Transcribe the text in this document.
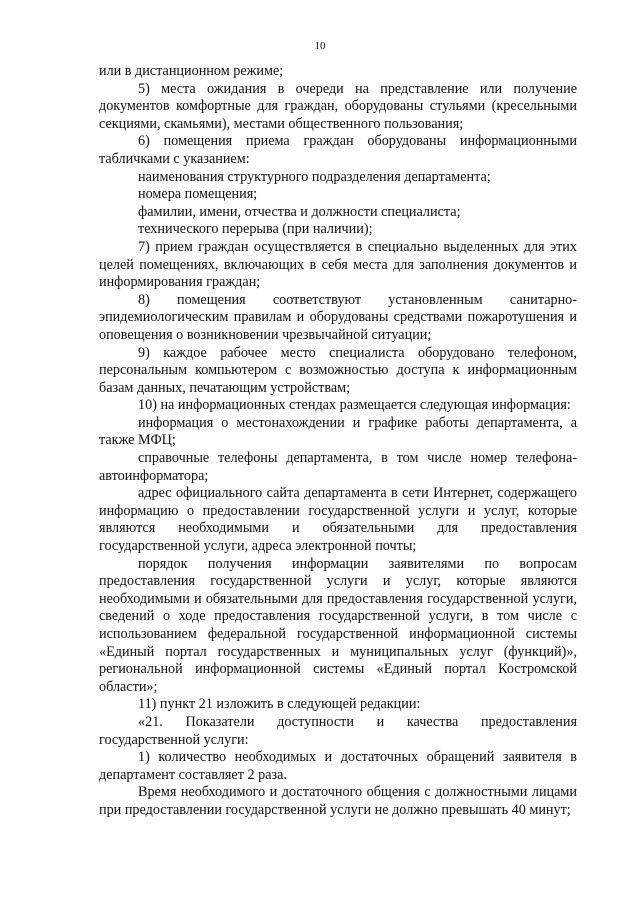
10

или в дистанционном режиме;

5) места ожидания в очереди на представление или получение документов комфортные для граждан, оборудованы стульями (кресельными секциями, скамьями), местами общественного пользования;

6) помещения приема граждан оборудованы информационными табличками с указанием:

наименования структурного подразделения департамента;

номера помещения;

фамилии, имени, отчества и должности специалиста;

технического перерыва (при наличии);

7) прием граждан осуществляется в специально выделенных для этих целей помещениях, включающих в себя места для заполнения документов и информирования граждан;

8) помещения соответствуют установленным санитарно-эпидемиологическим правилам и оборудованы средствами пожаротушения и оповещения о возникновении чрезвычайной ситуации;

9) каждое рабочее место специалиста оборудовано телефоном, персональным компьютером с возможностью доступа к информационным базам данных, печатающим устройствам;

10) на информационных стендах размещается следующая информация:

информация о местонахождении и графике работы департамента, а также МФЦ;

справочные телефоны департамента, в том числе номер телефона-автоинформатора;

адрес официального сайта департамента в сети Интернет, содержащего информацию о предоставлении государственной услуги и услуг, которые являются необходимыми и обязательными для предоставления государственной услуги, адреса электронной почты;

порядок получения информации заявителями по вопросам предоставления государственной услуги и услуг, которые являются необходимыми и обязательными для предоставления государственной услуги, сведений о ходе предоставления государственной услуги, в том числе с использованием федеральной государственной информационной системы «Единый портал государственных и муниципальных услуг (функций)», региональной информационной системы «Единый портал Костромской области»;

11) пункт 21 изложить в следующей редакции:

«21. Показатели доступности и качества предоставления государственной услуги:

1) количество необходимых и достаточных обращений заявителя в департамент составляет 2 раза.

Время необходимого и достаточного общения с должностными лицами при предоставлении государственной услуги не должно превышать 40 минут;
